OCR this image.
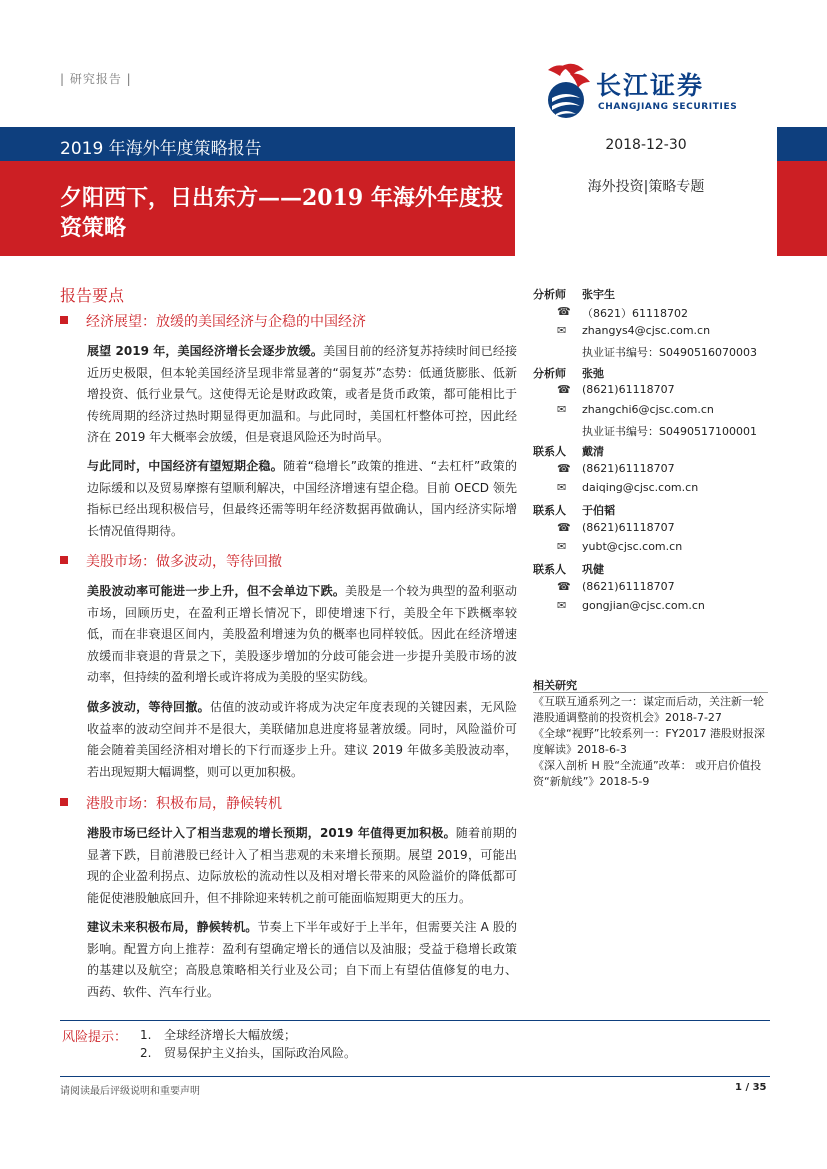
| 研究报告 |	长江证券
CHANGJIANG SECURITIES
2019 年海外年度策略报告
夕阳西下，日出东方——2019 年海外年度投资策略
2018-12-30
海外投资|策略专题
报告要点
经济展望：放缓的美国经济与企稳的中国经济
展望 2019 年，美国经济增长会逐步放缓。美国目前的经济复苏持续时间已经接近历史极限，但本轮美国经济呈现非常显著的“弱复苏”态势：低通货膨胀、低新增投资、低行业景气。这使得无论是财政政策，或者是货币政策，都可能相比于传统周期的经济过热时期显得更加温和。与此同时，美国杠杆整体可控，因此经济在 2019 年大概率会放缓，但是衰退风险还为时尚早。
与此同时，中国经济有望短期企稳。随着“稳增长”政策的推进、“去杠杆”政策的边际缓和以及贸易摩擦有望顺利解决，中国经济增速有望企稳。目前 OECD 领先指标已经出现积极信号，但最终还需等明年经济数据再做确认，国内经济实际增长情况值得期待。
美股市场：做多波动，等待回撤
美股波动率可能进一步上升，但不会单边下跌。美股是一个较为典型的盈利驱动市场，回顾历史，在盈利正增长情况下，即使增速下行，美股全年下跌概率较低，而在非衰退区间内，美股盈利增速为负的概率也同样较低。因此在经济增速放缓而非衰退的背景之下，美股逐步增加的分歧可能会进一步提升美股市场的波动率，但持续的盈利增长或许将成为美股的坚实防线。
做多波动，等待回撤。估值的波动或许将成为决定年度表现的关键因素，无风险收益率的波动空间并不是很大，美联储加息进度将显著放缓。同时，风险溢价可能会随着美国经济相对增长的下行而逐步上升。建议 2019 年做多美股波动率，若出现短期大幅调整，则可以更加积极。
港股市场：积极布局，静候转机
港股市场已经计入了相当悲观的增长预期，2019 年值得更加积极。随着前期的显著下跌，目前港股已经计入了相当悲观的未来增长预期。展望 2019，可能出现的企业盈利拐点、边际放松的流动性以及相对增长带来的风险溢价的降低都可能促使港股触底回升，但不排除迎来转机之前可能面临短期更大的压力。
建议未来积极布局，静候转机。节奏上下半年或好于上半年，但需要关注 A 股的影响。配置方向上推荐：盈利有望确定增长的通信以及油服；受益于稳增长政策的基建以及航空；高股息策略相关行业及公司；自下而上有望估值修复的电力、西药、软件、汽车行业。
分析师 张宇生
☎ （8621）61118702
✉ zhangys4@cjsc.com.cn
执业证书编号：S0490516070003
分析师 张弛
☎ (8621)61118707
✉ zhangchi6@cjsc.com.cn
执业证书编号：S0490517100001
联系人 戴清
☎ (8621)61118707
✉ daiqing@cjsc.com.cn
联系人 于伯韬
☎ (8621)61118707
✉ yubt@cjsc.com.cn
联系人 巩健
☎ (8621)61118707
✉ gongjian@cjsc.com.cn
相关研究
《互联互通系列之一：谋定而后动，关注新一轮港股通调整前的投资机会》2018-7-27
《全球“视野”比较系列一：FY2017 港股财报深度解读》2018-6-3
《深入剖析 H 股“全流通”改革： 或开启价值投资“新航线”》2018-5-9
风险提示： 1. 全球经济增长大幅放缓；
2. 贸易保护主义抬头，国际政治风险。
请阅读最后评级说明和重要声明	1 / 35
